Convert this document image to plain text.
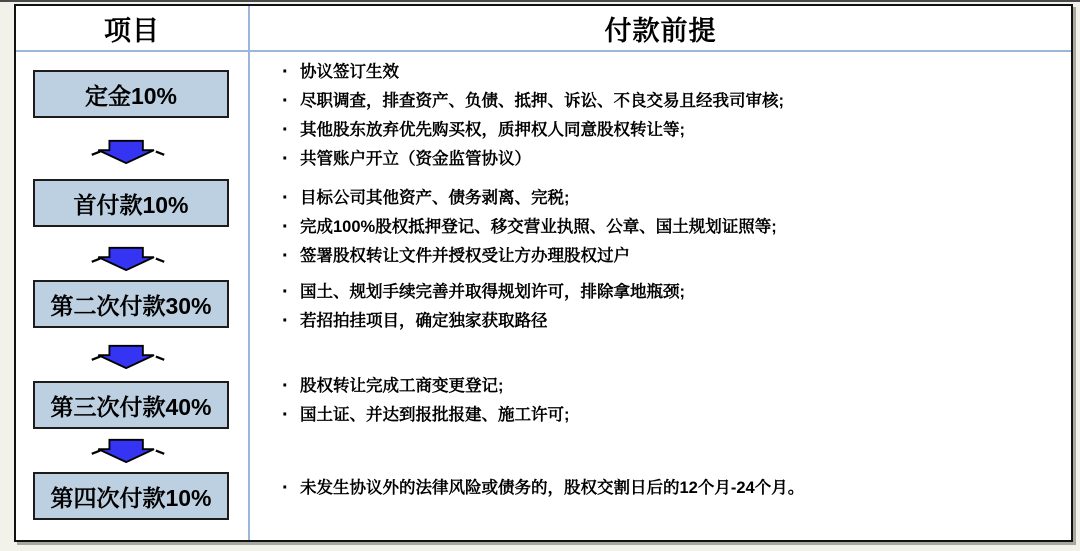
项目	付款前提
定金10%
首付款10%
第二次付款30%
第三次付款40%
第四次付款10%
· 协议签订生效
· 尽职调查，排查资产、负债、抵押、诉讼、不良交易且经我司审核;
· 其他股东放弃优先购买权，质押权人同意股权转让等;
· 共管账户开立（资金监管协议）
· 目标公司其他资产、债务剥离、完税;
· 完成100%股权抵押登记、移交营业执照、公章、国土规划证照等;
· 签署股权转让文件并授权受让方办理股权过户
· 国土、规划手续完善并取得规划许可，排除拿地瓶颈;
· 若招拍挂项目，确定独家获取路径
· 股权转让完成工商变更登记;
· 国土证、并达到报批报建、施工许可;
· 未发生协议外的法律风险或债务的，股权交割日后的12个月-24个月。
